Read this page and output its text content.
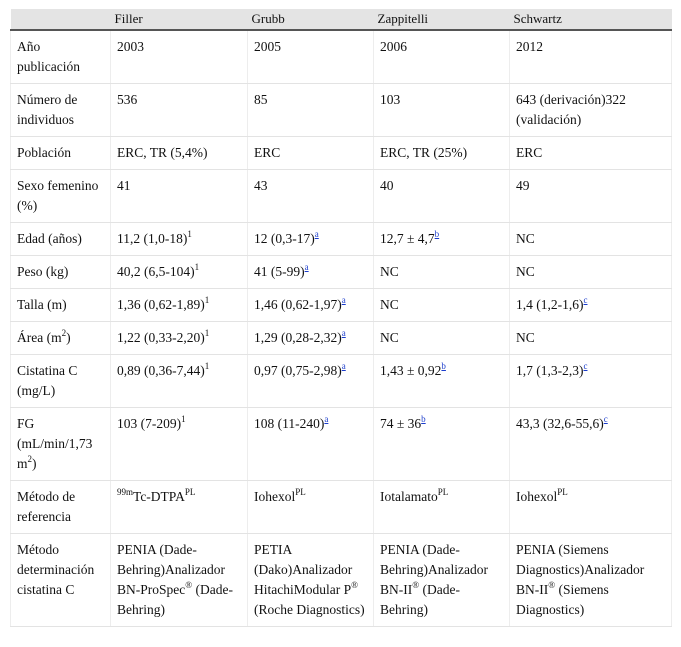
	Filler	Grubb	Zappitelli	Schwartz
Año publicación	2003	2005	2006	2012
Número de individuos	536	85	103	643 (derivación)322 (validación)
Población	ERC, TR (5,4%)	ERC	ERC, TR (25%)	ERC
Sexo femenino (%)	41	43	40	49
Edad (años)	11,2 $(1,0-18)^1$	12 $(0,3-17)^a$	12,7 ± 4,7$^b$	NC
Peso (kg)	40,2 $(6,5-104)^1$	41 $(5-99)^a$	NC	NC
Talla (m)	1,36 $(0,62-1,89)^1$	1,46 $(0,62-1,97)^a$	NC	1,4 $(1,2-1,6)^c$
Área $(m^2)$	1,22 $(0,33-2,20)^1$	1,29 $(0,28-2,32)^a$	NC	NC
Cistatina C (mg/L)	0,89 $(0,36-7,44)^1$	0,97 $(0,75-2,98)^a$	1,43 ± 0,92$^b$	1,7 $(1,3-2,3)^c$
FG (mL/min/1,73 $m^2$)	103 $(7-209)^1$	108 $(11-240)^a$	$74 \pm 36^b$	43,3 $(32,6-55,6)^c$
Método de referencia	$^{99m}Tc-DTPA^{PL}$	Iohexol$^{PL}$	Iotalamato$^{PL}$	Iohexol$^{PL}$
Método determinación cistatina C	PENIA (Dade-Behring)Analizador BN-ProSpec® (Dade-Behring)	PETIA (Dako)Analizador HitachiModular P® (Roche Diagnostics)	PENIA (Dade-Behring)Analizador BN-II® (Dade-Behring)	PENIA (Siemens Diagnostics)Analizador BN-II® (Siemens Diagnostics)
